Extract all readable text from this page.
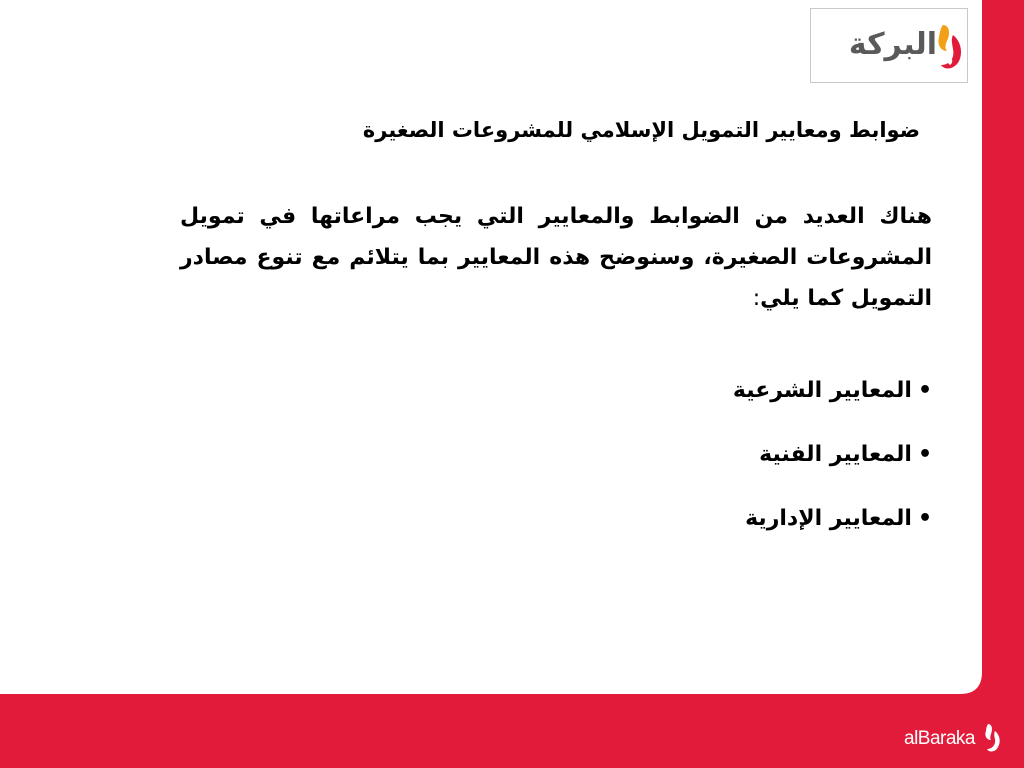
البركة
ضوابط ومعايير التمويل الإسلامي للمشروعات الصغيرة
هناك العديد من الضوابط والمعايير التي يجب مراعاتها في تمويل المشروعات الصغيرة، وسنوضح هذه المعايير بما يتلائم مع تنوع مصادر التمويل كما يلي:
•المعايير الشرعية
•المعايير الفنية
•المعايير الإدارية
alBaraka
